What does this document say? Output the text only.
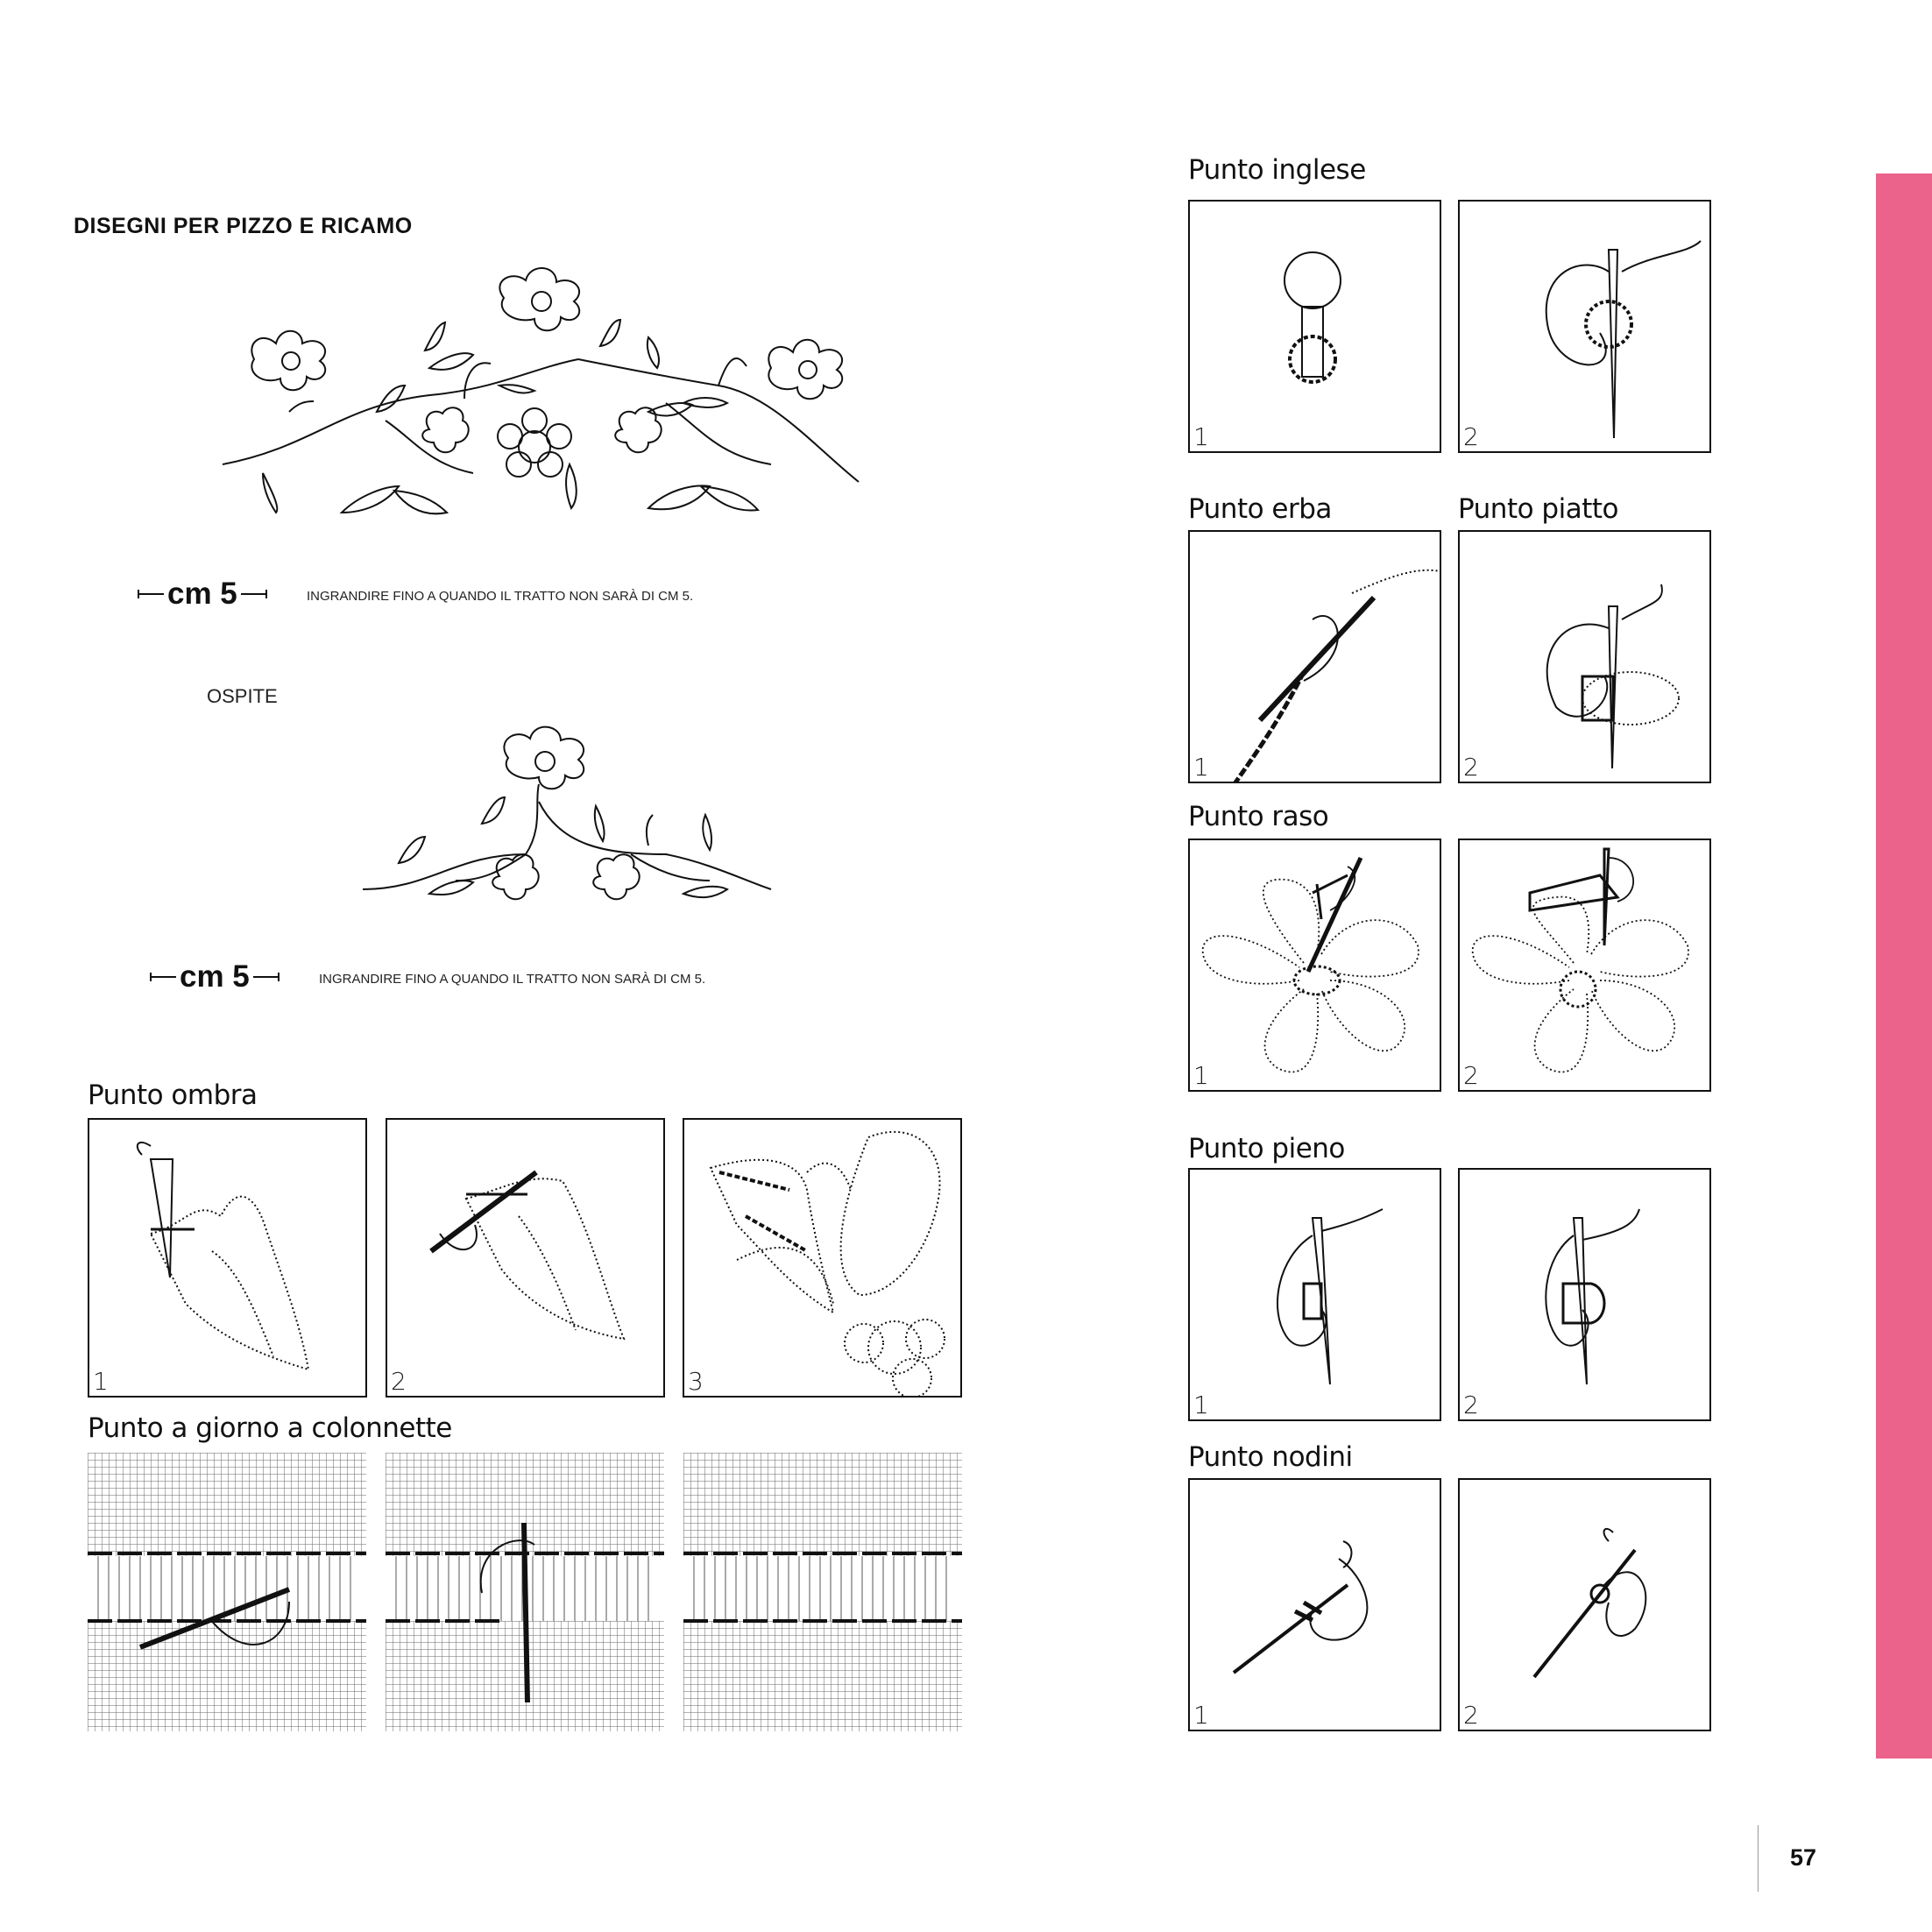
DISEGNI PER PIZZO E RICAMO
cm 5	INGRANDIRE FINO A QUANDO IL TRATTO NON SARÀ DI CM 5.
OSPITE
cm 5	INGRANDIRE FINO A QUANDO IL TRATTO NON SARÀ DI CM 5.
Punto ombra
Punto a giorno a colonnette
Punto inglese
Punto erba	Punto piatto
Punto raso
Punto pieno
Punto nodini
1	2	3
1	2
1	2
1	2
1	2
1	2
57
